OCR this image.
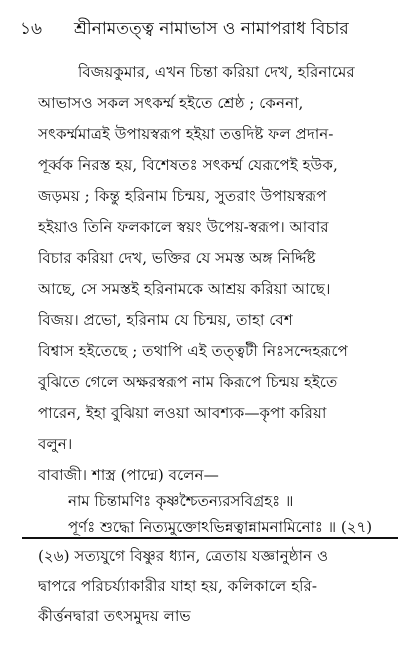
১৬ শ্রীনামতত্ত্ব নামাভাস ও নামাপরাধ বিচার
বিজয়কুমার, এখন চিন্তা করিয়া দেখ, হরিনামের
আভাসও সকল সৎকর্ম্ম হইতে শ্রেষ্ঠ ; কেননা,
সৎকর্ম্মমাত্রই উপায়স্বরূপ হইয়া তত্তদিষ্ট ফল প্রদান-
পূর্ব্বক নিরস্ত হয়, বিশেষতঃ সৎকর্ম্ম যেরূপেই হউক,
জড়ময় ; কিন্তু হরিনাম চিন্ময়, সুতরাং উপায়স্বরূপ
হইয়াও তিনি ফলকালে স্বয়ং উপেয়-স্বরূপ। আবার
বিচার করিয়া দেখ, ভক্তির যে সমস্ত অঙ্গ নির্দ্দিষ্ট
আছে, সে সমস্তই হরিনামকে আশ্রয় করিয়া আছে।
বিজয়। প্রভো, হরিনাম যে চিন্ময়, তাহা বেশ
বিশ্বাস হইতেছে ; তথাপি এই তত্ত্বটী নিঃসন্দেহরূপে
বুঝিতে গেলে অক্ষরস্বরূপ নাম কিরূপে চিন্ময় হইতে
পারেন, ইহা বুঝিয়া লওয়া আবশ্যক—কৃপা করিয়া
বলুন।
বাবাজী। শাস্ত্র (পাদ্মে) বলেন—
নাম চিন্তামণিঃ কৃষ্ণশ্চৈতন্যরসবিগ্রহঃ ॥
পূর্ণঃ শুদ্ধো নিত্যমুক্তোঽভিন্নত্বান্নামনামিনোঃ ॥ (২৭)
(২৬) সত্যযুগে বিষ্ণুর ধ্যান, ত্রেতায় যজ্ঞানুষ্ঠান ও
দ্বাপরে পরিচর্য্যাকারীর যাহা হয়, কলিকালে হরি-
কীর্ত্তনদ্বারা তৎসমুদয় লাভ
